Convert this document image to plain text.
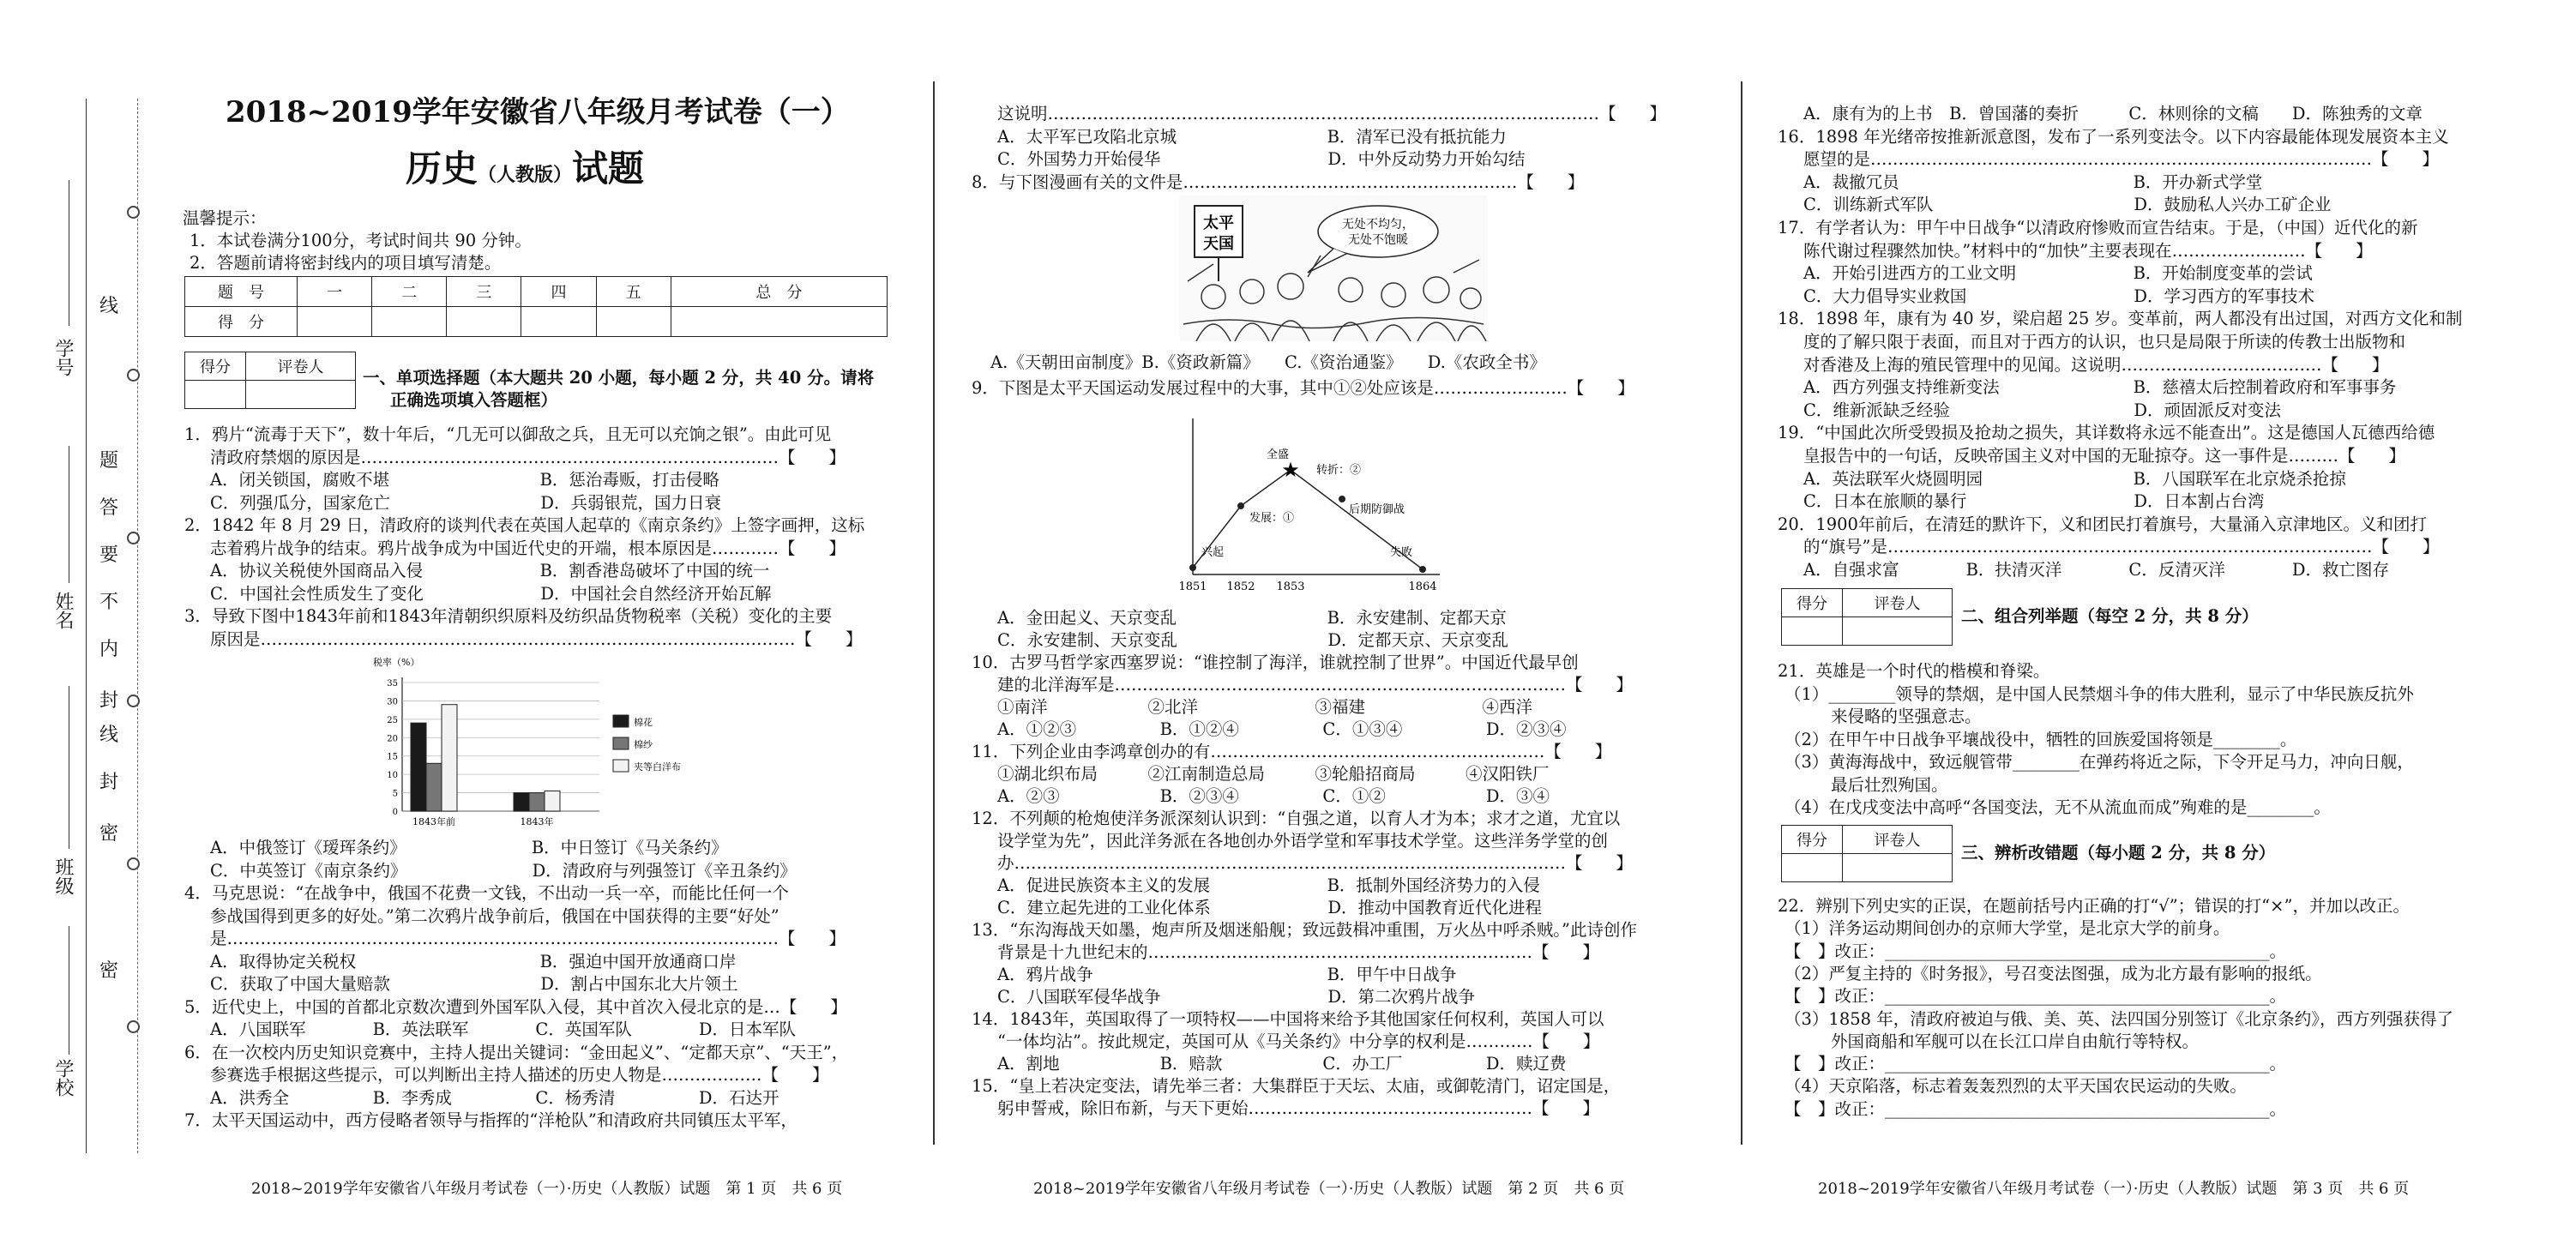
学号
姓名
班级
学校
线
题
答
要
不
内
封
线
封
密
密
2018~2019学年安徽省八年级月考试卷（一）
历史（人教版）试题
温馨提示：
1．本试卷满分100分，考试时间共 90 分钟。
2．答题前请将密封线内的项目填写清楚。
题　号	一	二	三	四	五	总　分
得　分						
得分	评卷人

一、单项选择题（本大题共 20 小题，每小题 2 分，共 40 分。请将
正确选项填入答题框）
1．鸦片“流毒于天下”，数十年后，“几无可以御敌之兵，且无可以充饷之银”。由此可见
清政府禁烟的原因是…………………………………………………………………【　　】
A．闭关锁国，腐败不堪　　　　　　　　　B．惩治毒贩，打击侵略
C．列强瓜分，国家危亡　　　　　　　　　D．兵弱银荒，国力日衰
2．1842 年 8 月 29 日，清政府的谈判代表在英国人起草的《南京条约》上签字画押，这标
志着鸦片战争的结束。鸦片战争成为中国近代史的开端，根本原因是…………【　　】
A．协议关税使外国商品入侵　　　　　　　B．割香港岛破坏了中国的统一
C．中国社会性质发生了变化　　　　　　　D．中国社会自然经济开始瓦解
3．导致下图中1843年前和1843年清朝织织原料及纺织品货物税率（关税）变化的主要
原因是……………………………………………………………………………………【　　】
税率（%）
0
5
10
15
20
25
30
35
1843年前	1843年
棉花
棉纱
夹等白洋布
A．中俄签订《瑷珲条约》　　　　　　　　B．中日签订《马关条约》
C．中英签订《南京条约》　　　　　　　　D．清政府与列强签订《辛丑条约》
4．马克思说：“在战争中，俄国不花费一文钱，不出动一兵一卒，而能比任何一个
参战国得到更多的好处。”第二次鸦片战争前后，俄国在中国获得的主要“好处”
是………………………………………………………………………………………【　　】
A．取得协定关税权　　　　　　　　　　　B．强迫中国开放通商口岸
C．获取了中国大量赔款　　　　　　　　　D．割占中国东北大片领土
5．近代史上，中国的首都北京数次遭到外国军队入侵，其中首次入侵北京的是…【　　】
A．八国联军　　　　B．英法联军　　　　C．英国军队　　　　D．日本军队
6．在一次校内历史知识竞赛中，主持人提出关键词：“金田起义”、“定都天京”、“天王”，
参赛选手根据这些提示，可以判断出主持人描述的历史人物是………………【　　】
A．洪秀全　　　　　B．李秀成　　　　　C．杨秀清　　　　　D．石达开
7．太平天国运动中，西方侵略者领导与指挥的“洋枪队”和清政府共同镇压太平军，
2018~2019学年安徽省八年级月考试卷（一）·历史（人教版）试题　第 1 页　共 6 页
这说明………………………………………………………………………………………【　　】
A．太平军已攻陷北京城　　　　　　　　　B．清军已没有抵抗能力
C．外国势力开始侵华　　　　　　　　　　D．中外反动势力开始勾结
8．与下图漫画有关的文件是……………………………………………………【　　】
太平
天国
无处不均匀，
无处不饱暖
A.《天朝田亩制度》B.《资政新篇》　　C.《资治通鉴》　　D.《农政全书》
9．下图是太平天国运动发展过程中的大事，其中①②处应该是……………………【　　】
★
全盛
转折：②
发展：①
后期防御战
兴起	失败
1851 1852 1853	1864
A．金田起义、天京变乱　　　　　　　　　B．永安建制、定都天京
C．永安建制、天京变乱　　　　　　　　　D．定都天京、天京变乱
10．古罗马哲学家西塞罗说：“谁控制了海洋，谁就控制了世界”。中国近代最早创
建的北洋海军是………………………………………………………………………【　　】
①南洋　　　　　　②北洋　　　　　　　③福建　　　　　　　④西洋
A．①②③　　　　　B．①②④　　　　　C．①③④　　　　　D．②③④
11．下列企业由李鸿章创办的有……………………………………………………【　　】
①湖北织布局　　　②江南制造总局　　　③轮船招商局　　　④汉阳铁厂
A．②③　　　　　　B．②③④　　　　　C．①②　　　　　　D．③④
12．不列颠的枪炮使洋务派深刻认识到：“自强之道，以育人才为本；求才之道，尤宜以
设学堂为先”，因此洋务派在各地创办外语学堂和军事技术学堂。这些洋务学堂的创
办………………………………………………………………………………………【　　】
A．促进民族资本主义的发展　　　　　　　B．抵制外国经济势力的入侵
C．建立起先进的工业化体系　　　　　　　D．推动中国教育近代化进程
13．“东沟海战天如墨，炮声所及烟迷船舰；致远鼓楫冲重围，万火丛中呼杀贼。”此诗创作
背景是十九世纪末的……………………………………………………………【　　】
A．鸦片战争　　　　　　　　　　　　　　B．甲午中日战争
C．八国联军侵华战争　　　　　　　　　　D．第二次鸦片战争
14．1843年，英国取得了一项特权——中国将来给予其他国家任何权利，英国人可以
“一体均沾”。按此规定，英国可从《马关条约》中分享的权利是…………【　　】
A．割地　　　　　　B．赔款　　　　　　C．办工厂　　　　　D．赎辽费
15．“皇上若决定变法，请先举三者：大集群臣于天坛、太庙，或御乾清门，诏定国是，
躬申誓戒，除旧布新，与天下更始……………………………………………【　　】
2018~2019学年安徽省八年级月考试卷（一）·历史（人教版）试题　第 2 页　共 6 页
A．康有为的上书　B．曾国藩的奏折　　　C．林则徐的文稿　　D．陈独秀的文章
16．1898 年光绪帝按推新派意图，发布了一系列变法令。以下内容最能体现发展资本主义
愿望的是………………………………………………………………………………【　　】
A．裁撤冗员　　　　　　　　　　　　　　B．开办新式学堂
C．训练新式军队　　　　　　　　　　　　D．鼓励私人兴办工矿企业
17．有学者认为：甲午中日战争“以清政府惨败而宣告结束。于是，（中国）近代化的新
陈代谢过程骤然加快。”材料中的“加快”主要表现在……………………【　　】
A．开始引进西方的工业文明　　　　　　　B．开始制度变革的尝试
C．大力倡导实业救国　　　　　　　　　　D．学习西方的军事技术
18．1898 年，康有为 40 岁，梁启超 25 岁。变革前，两人都没有出过国，对西方文化和制
度的了解只限于表面，而且对于西方的认识，也只是局限于所读的传教士出版物和
对香港及上海的殖民管理中的见闻。这说明………………………………【　　】
A．西方列强支持维新变法　　　　　　　　B．慈禧太后控制着政府和军事事务
C．维新派缺乏经验　　　　　　　　　　　D．顽固派反对变法
19．“中国此次所受毁损及抢劫之损失，其详数将永远不能查出”。这是德国人瓦德西给德
皇报告中的一句话，反映帝国主义对中国的无耻掠夺。这一事件是………【　　】
A．英法联军火烧圆明园　　　　　　　　　B．八国联军在北京烧杀抢掠
C．日本在旅顺的暴行　　　　　　　　　　D．日本割占台湾
20．1900年前后，在清廷的默许下，义和团民打着旗号，大量涌入京津地区。义和团打
的“旗号”是……………………………………………………………………………【　　】
A．自强求富　　　　B．扶清灭洋　　　　C．反清灭洋　　　　D．救亡图存
得分	评卷人

二、组合列举题（每空 2 分，共 8 分）
21．英雄是一个时代的楷模和脊梁。
（1）________领导的禁烟，是中国人民禁烟斗争的伟大胜利，显示了中华民族反抗外
来侵略的坚强意志。
（2）在甲午中日战争平壤战役中，牺牲的回族爱国将领是________。
（3）黄海海战中，致远舰管带________在弹药将近之际，下令开足马力，冲向日舰，
最后壮烈殉国。
（4）在戊戌变法中高呼“各国变法，无不从流血而成”殉难的是________。
得分	评卷人

三、辨析改错题（每小题 2 分，共 8 分）
22．辨别下列史实的正误，在题前括号内正确的打“√”；错误的打“×”，并加以改正。
（1）洋务运动期间创办的京师大学堂，是北京大学的前身。
【　】改正：______________________________________________。
（2）严复主持的《时务报》，号召变法图强，成为北方最有影响的报纸。
【　】改正：______________________________________________。
（3）1858 年，清政府被迫与俄、美、英、法四国分别签订《北京条约》，西方列强获得了
外国商船和军舰可以在长江口岸自由航行等特权。
【　】改正：______________________________________________。
（4）天京陷落，标志着轰轰烈烈的太平天国农民运动的失败。
【　】改正：______________________________________________。
2018~2019学年安徽省八年级月考试卷（一）·历史（人教版）试题　第 3 页　共 6 页
